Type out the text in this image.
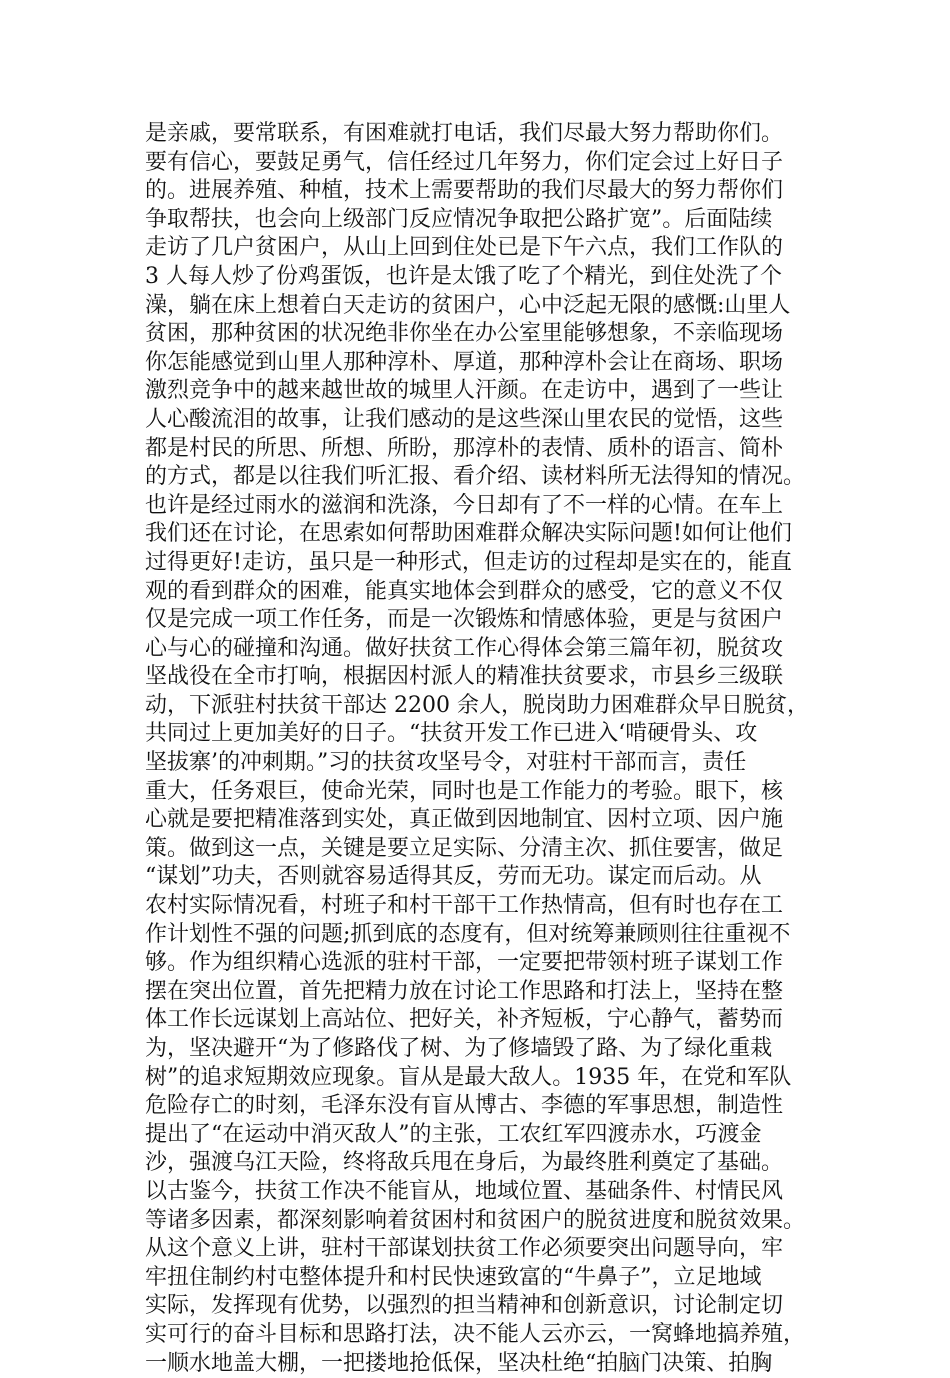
是亲戚，要常联系，有困难就打电话，我们尽最大努力帮助你们。
要有信心，要鼓足勇气，信任经过几年努力，你们定会过上好日子
的。进展养殖、种植，技术上需要帮助的我们尽最大的努力帮你们
争取帮扶，也会向上级部门反应情况争取把公路扩宽”。后面陆续
走访了几户贫困户，从山上回到住处已是下午六点，我们工作队的
3 人每人炒了份鸡蛋饭，也许是太饿了吃了个精光，到住处洗了个
澡，躺在床上想着白天走访的贫困户，心中泛起无限的感慨:山里人
贫困，那种贫困的状况绝非你坐在办公室里能够想象，不亲临现场
你怎能感觉到山里人那种淳朴、厚道，那种淳朴会让在商场、职场
激烈竞争中的越来越世故的城里人汗颜。在走访中，遇到了一些让
人心酸流泪的故事，让我们感动的是这些深山里农民的觉悟，这些
都是村民的所思、所想、所盼，那淳朴的表情、质朴的语言、简朴
的方式，都是以往我们听汇报、看介绍、读材料所无法得知的情况。
也许是经过雨水的滋润和洗涤，今日却有了不一样的心情。在车上
我们还在讨论，在思索如何帮助困难群众解决实际问题!如何让他们
过得更好!走访，虽只是一种形式，但走访的过程却是实在的，能直
观的看到群众的困难，能真实地体会到群众的感受，它的意义不仅
仅是完成一项工作任务，而是一次锻炼和情感体验，更是与贫困户
心与心的碰撞和沟通。做好扶贫工作心得体会第三篇年初，脱贫攻
坚战役在全市打响，根据因村派人的精准扶贫要求，市县乡三级联
动，下派驻村扶贫干部达 2200 余人，脱岗助力困难群众早日脱贫，
共同过上更加美好的日子。“扶贫开发工作已进入‘啃硬骨头、攻
坚拔寨’的冲刺期。”习的扶贫攻坚号令，对驻村干部而言，责任
重大，任务艰巨，使命光荣，同时也是工作能力的考验。眼下，核
心就是要把精准落到实处，真正做到因地制宜、因村立项、因户施
策。做到这一点，关键是要立足实际、分清主次、抓住要害，做足
“谋划”功夫，否则就容易适得其反，劳而无功。谋定而后动。从
农村实际情况看，村班子和村干部干工作热情高，但有时也存在工
作计划性不强的问题;抓到底的态度有，但对统筹兼顾则往往重视不
够。作为组织精心选派的驻村干部，一定要把带领村班子谋划工作
摆在突出位置，首先把精力放在讨论工作思路和打法上，坚持在整
体工作长远谋划上高站位、把好关，补齐短板，宁心静气，蓄势而
为，坚决避开“为了修路伐了树、为了修墙毁了路、为了绿化重栽
树”的追求短期效应现象。盲从是最大敌人。1935 年，在党和军队
危险存亡的时刻，毛泽东没有盲从博古、李德的军事思想，制造性
提出了“在运动中消灭敌人”的主张，工农红军四渡赤水，巧渡金
沙，强渡乌江天险，终将敌兵甩在身后，为最终胜利奠定了基础。
以古鉴今，扶贫工作决不能盲从，地域位置、基础条件、村情民风
等诸多因素，都深刻影响着贫困村和贫困户的脱贫进度和脱贫效果。
从这个意义上讲，驻村干部谋划扶贫工作必须要突出问题导向，牢
牢扭住制约村屯整体提升和村民快速致富的“牛鼻子”，立足地域
实际，发挥现有优势，以强烈的担当精神和创新意识，讨论制定切
实可行的奋斗目标和思路打法，决不能人云亦云，一窝蜂地搞养殖，
一顺水地盖大棚，一把搂地抢低保，坚决杜绝“拍脑门决策、拍胸
